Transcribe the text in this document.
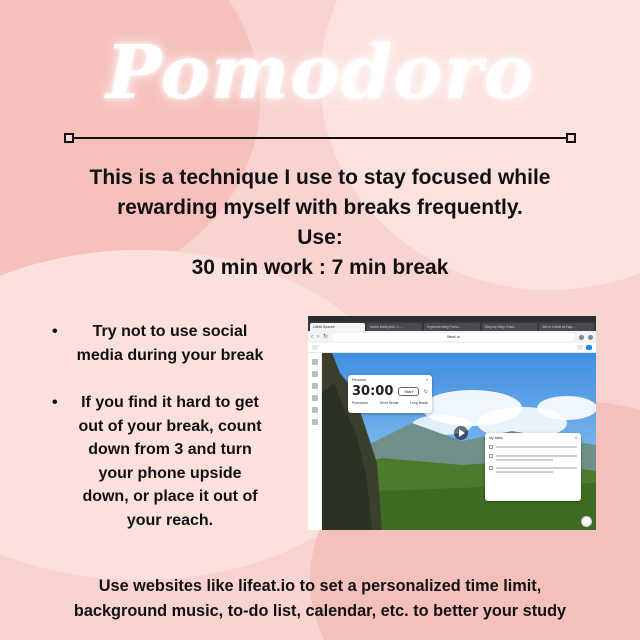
Pomodoro
This is a technique I use to stay focused while
rewarding myself with breaks frequently.
Use:
30 min work : 7 min break
•	Try not to use social
media during your break
•	If you find it hard to get
out of your break, count
down from 3 and turn
your phone upside
down, or place it out of
your reach.
LifeAt Spaces	soren kohlt pink / L...	Implementing Pomo...	Step-by-Step Guid...	Job in LifeAt at Hap...
‹ › ↻	lifeat.io
Personal	×
30:00	Start	↻
Pomodoro	Short Break	Long Break
My tasks	×
Use websites like lifeat.io to set a personalized time limit,
background music, to-do list, calendar, etc. to better your study
